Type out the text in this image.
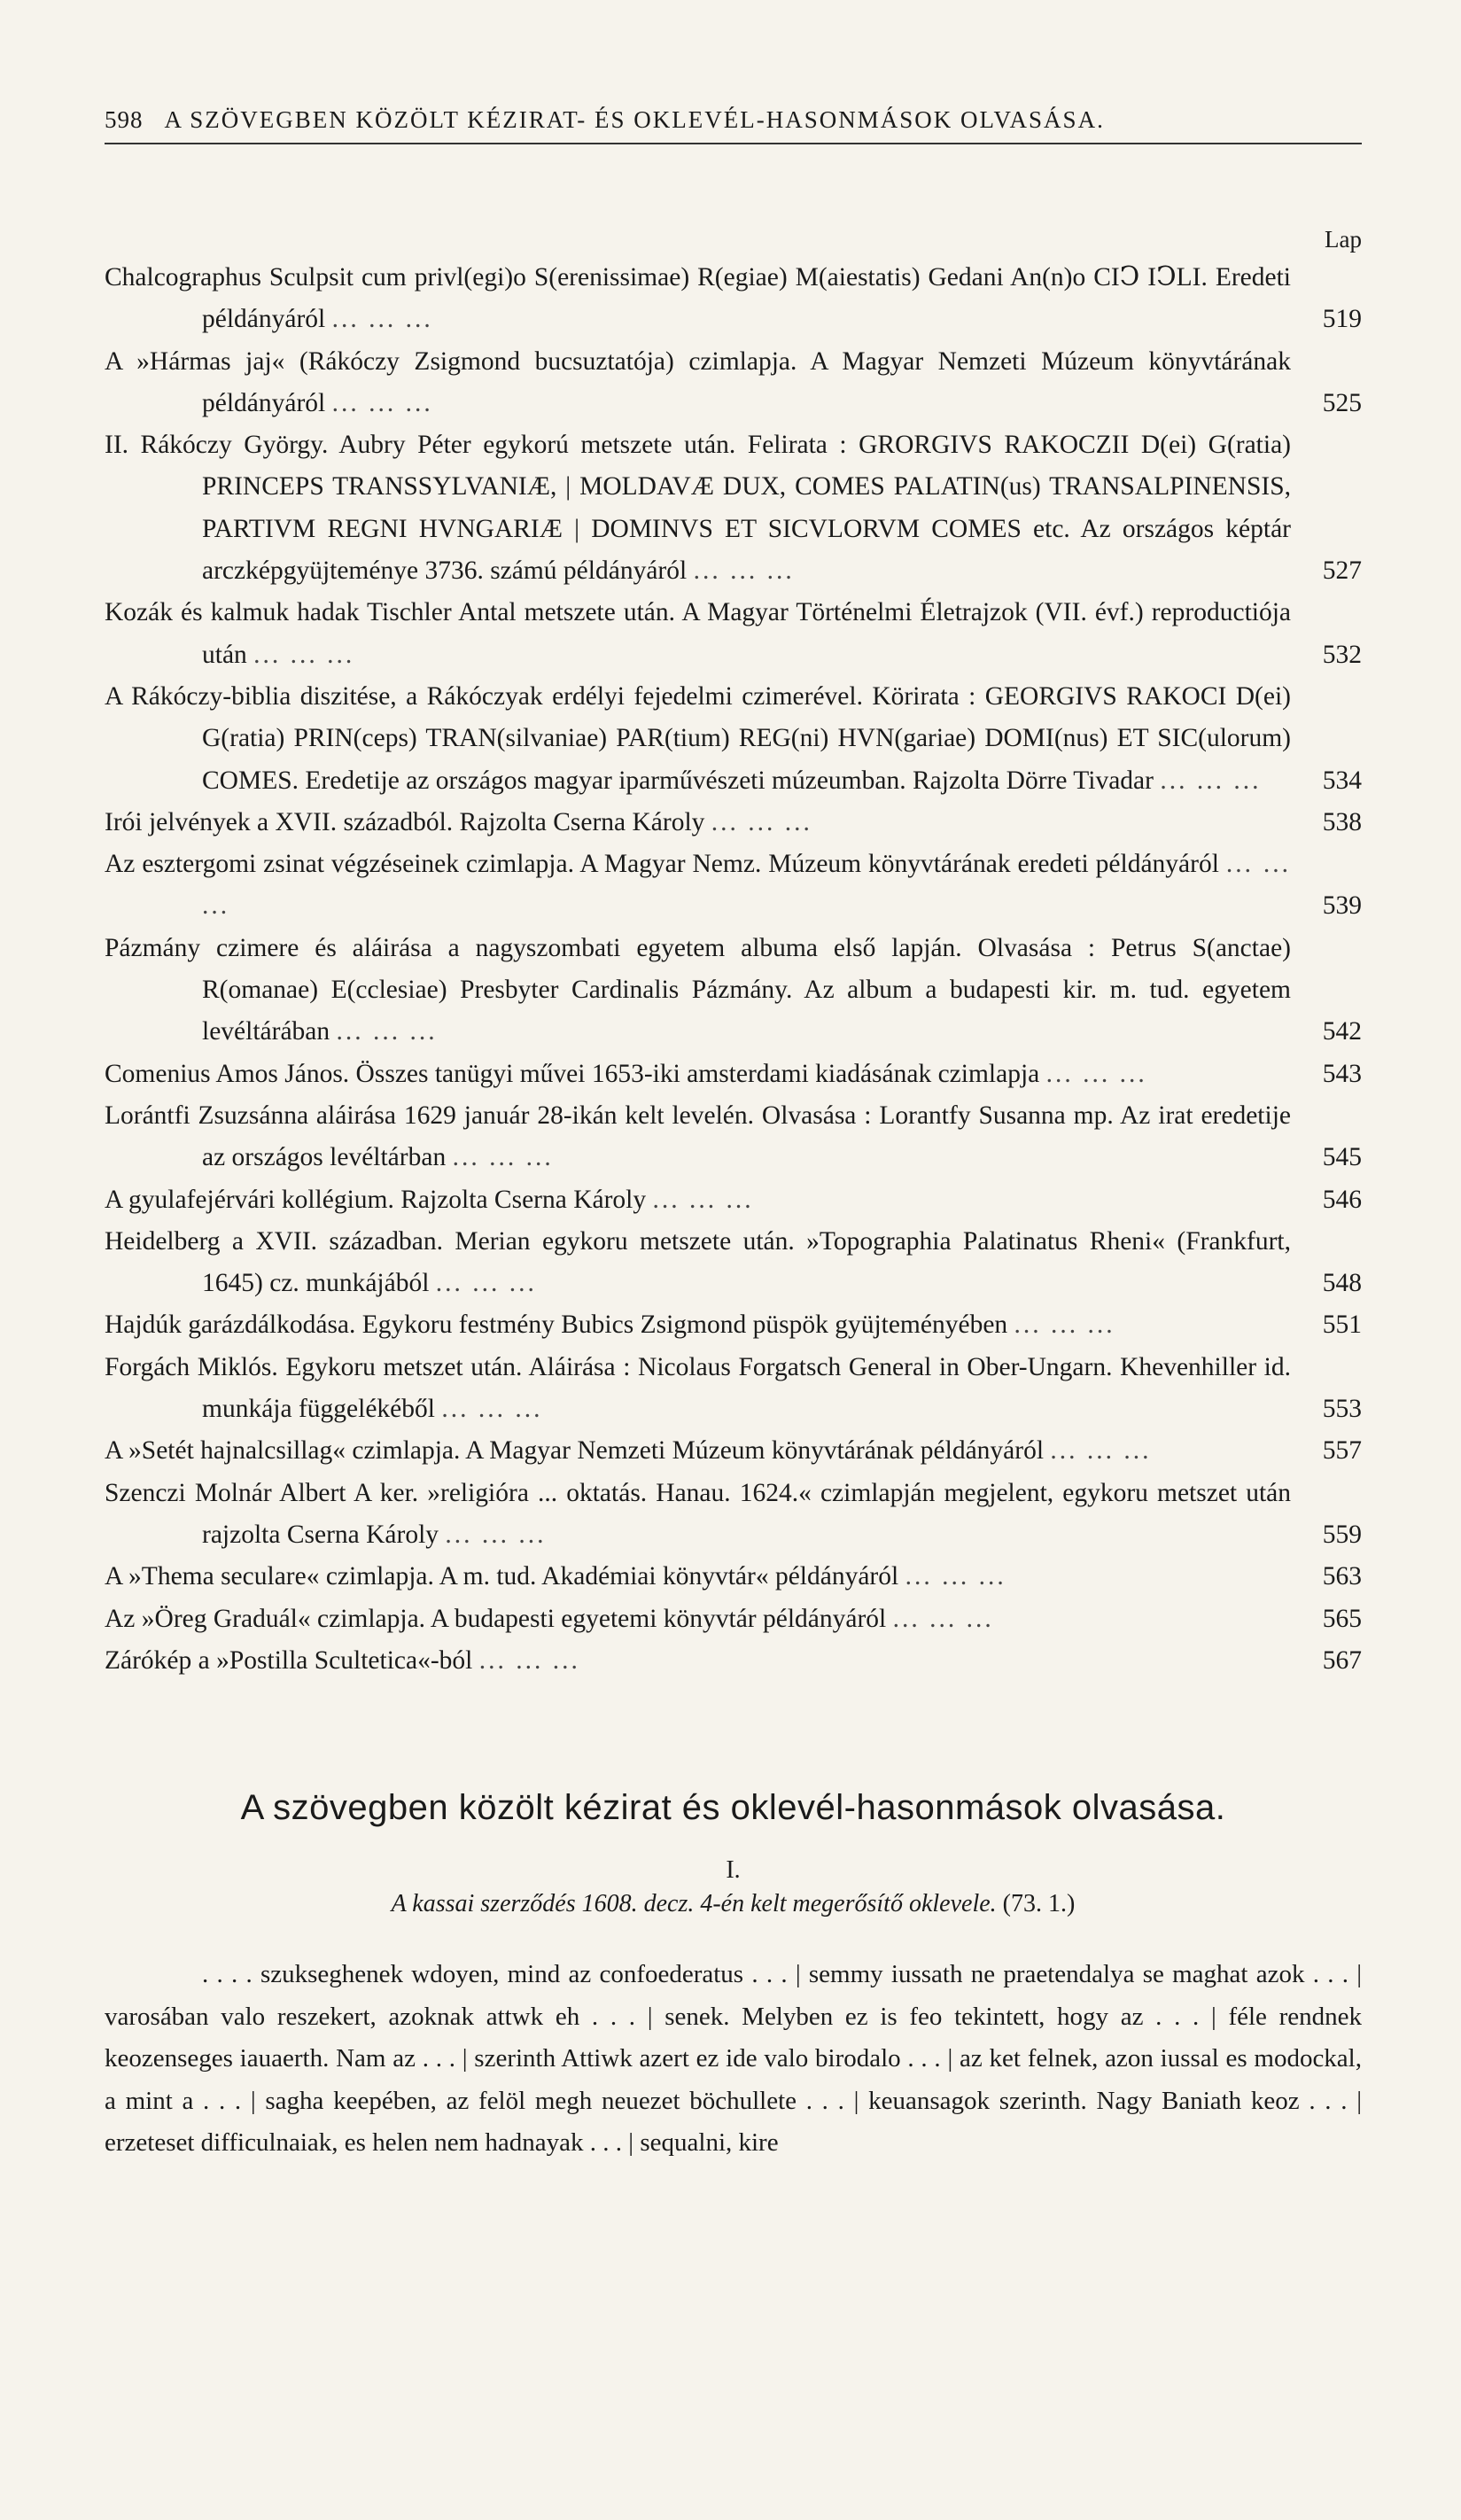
598 A SZÖVEGBEN KÖZÖLT KÉZIRAT- ÉS OKLEVÉL-HASONMÁSOK OLVASÁSA.
Lap
Chalcographus Sculpsit cum privl(egi)o S(erenissimae) R(egiae) M(aiestatis) Gedani An(n)o CIↃ IↃLI. Eredeti példányáról ... ... ...	519
A »Hármas jaj« (Rákóczy Zsigmond bucsuztatója) czimlapja. A Magyar Nemzeti Múzeum könyvtárának példányáról ... ... ...	525
II. Rákóczy György. Aubry Péter egykorú metszete után. Felirata : GRORGIVS RAKOCZII D(ei) G(ratia) PRINCEPS TRANSSYLVANIÆ, | MOLDAVÆ DUX, COMES PALATIN(us) TRANSALPINENSIS, PARTIVM REGNI HVNGARIÆ | DOMINVS ET SICVLORVM COMES etc. Az országos képtár arczképgyüjteménye 3736. számú példányáról ... ... ...	527
Kozák és kalmuk hadak Tischler Antal metszete után. A Magyar Történelmi Életrajzok (VII. évf.) reproductiója után ... ... ...	532
A Rákóczy-biblia diszitése, a Rákóczyak erdélyi fejedelmi czimerével. Körirata : GEORGIVS RAKOCI D(ei) G(ratia) PRIN(ceps) TRAN(silvaniae) PAR(tium) REG(ni) HVN(gariae) DOMI(nus) ET SIC(ulorum) COMES. Eredetije az országos magyar iparművészeti múzeumban. Rajzolta Dörre Tivadar ... ... ...	534
Irói jelvények a XVII. századból. Rajzolta Cserna Károly ... ... ...	538
Az esztergomi zsinat végzéseinek czimlapja. A Magyar Nemz. Múzeum könyvtárának eredeti példányáról ... ... ...	539
Pázmány czimere és aláirása a nagyszombati egyetem albuma első lapján. Olvasása : Petrus S(anctae) R(omanae) E(cclesiae) Presbyter Cardinalis Pázmány. Az album a budapesti kir. m. tud. egyetem levéltárában ... ... ...	542
Comenius Amos János. Összes tanügyi művei 1653-iki amsterdami kiadásának czimlapja ... ... ...	543
Lorántfi Zsuzsánna aláirása 1629 január 28-ikán kelt levelén. Olvasása : Lorantfy Susanna mp. Az irat eredetije az országos levéltárban ... ... ...	545
A gyulafejérvári kollégium. Rajzolta Cserna Károly ... ... ...	546
Heidelberg a XVII. században. Merian egykoru metszete után. »Topographia Palatinatus Rheni« (Frankfurt, 1645) cz. munkájából ... ... ...	548
Hajdúk garázdálkodása. Egykoru festmény Bubics Zsigmond püspök gyüjteményében ... ... ...	551
Forgách Miklós. Egykoru metszet után. Aláirása : Nicolaus Forgatsch General in Ober-Ungarn. Khevenhiller id. munkája függelékéből ... ... ...	553
A »Setét hajnalcsillag« czimlapja. A Magyar Nemzeti Múzeum könyvtárának példányáról ... ... ...	557
Szenczi Molnár Albert A ker. »religióra ... oktatás. Hanau. 1624.« czimlapján megjelent, egykoru metszet után rajzolta Cserna Károly ... ... ...	559
A »Thema seculare« czimlapja. A m. tud. Akadémiai könyvtár« példányáról ... ... ...	563
Az »Öreg Graduál« czimlapja. A budapesti egyetemi könyvtár példányáról ... ... ...	565
Zárókép a »Postilla Scultetica«-ból ... ... ...	567
A szövegben közölt kézirat és oklevél-hasonmások olvasása.
I.
A kassai szerződés 1608. decz. 4-én kelt megerősítő oklevele. (73. 1.)

. . . . szukseghenek wdoyen, mind az confoederatus . . . | semmy iussath ne praetendalya se maghat azok . . . | varosában valo reszekert, azoknak attwk eh . . . | senek. Melyben ez is feo tekintett, hogy az . . . | féle rendnek keozenseges iauaerth. Nam az . . . | szerinth Attiwk azert ez ide valo birodalo . . . | az ket felnek, azon iussal es modockal, a mint a . . . | sagha keepében, az felöl megh neuezet böchullete . . . | keuansagok szerinth. Nagy Baniath keoz . . . | erzeteset difficulnaiak, es helen nem hadnayak . . . | sequalni, kire
